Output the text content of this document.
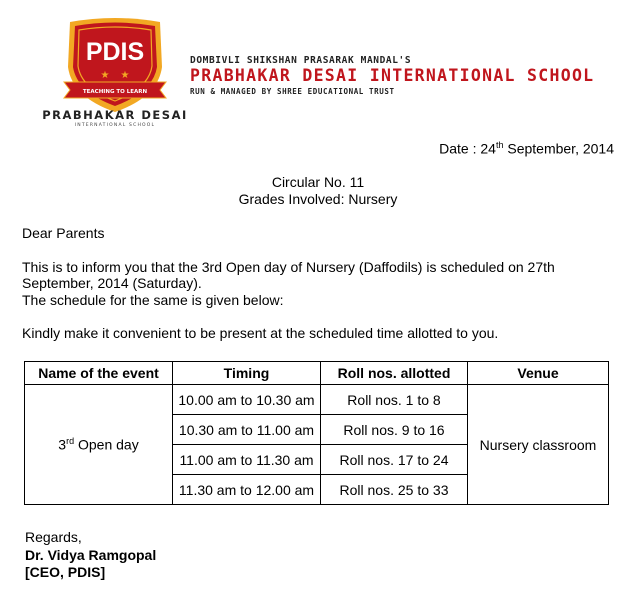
PDIS
★ ★
TEACHING TO LEARN
PRABHAKAR DESAI
INTERNATIONAL SCHOOL
DOMBIVLI SHIKSHAN PRASARAK MANDAL'S
PRABHAKAR DESAI INTERNATIONAL SCHOOL
RUN & MANAGED BY SHREE EDUCATIONAL TRUST
Date : 24th September, 2014
Circular No. 11
Grades Involved: Nursery
Dear Parents
This is to inform you that the 3rd Open day of Nursery (Daffodils) is scheduled on 27th
September, 2014 (Saturday).
The schedule for the same is given below:
Kindly make it convenient to be present at the scheduled time allotted to you.
Name of the event	Timing	Roll nos. allotted	Venue
3rd Open day	10.00 am to 10.30 am	Roll nos. 1 to 8	Nursery classroom
	10.30 am to 11.00 am	Roll nos. 9 to 16	
	11.00 am to 11.30 am	Roll nos. 17 to 24	
	11.30 am to 12.00 am	Roll nos. 25 to 33	
Regards,
Dr. Vidya Ramgopal
[CEO, PDIS]
